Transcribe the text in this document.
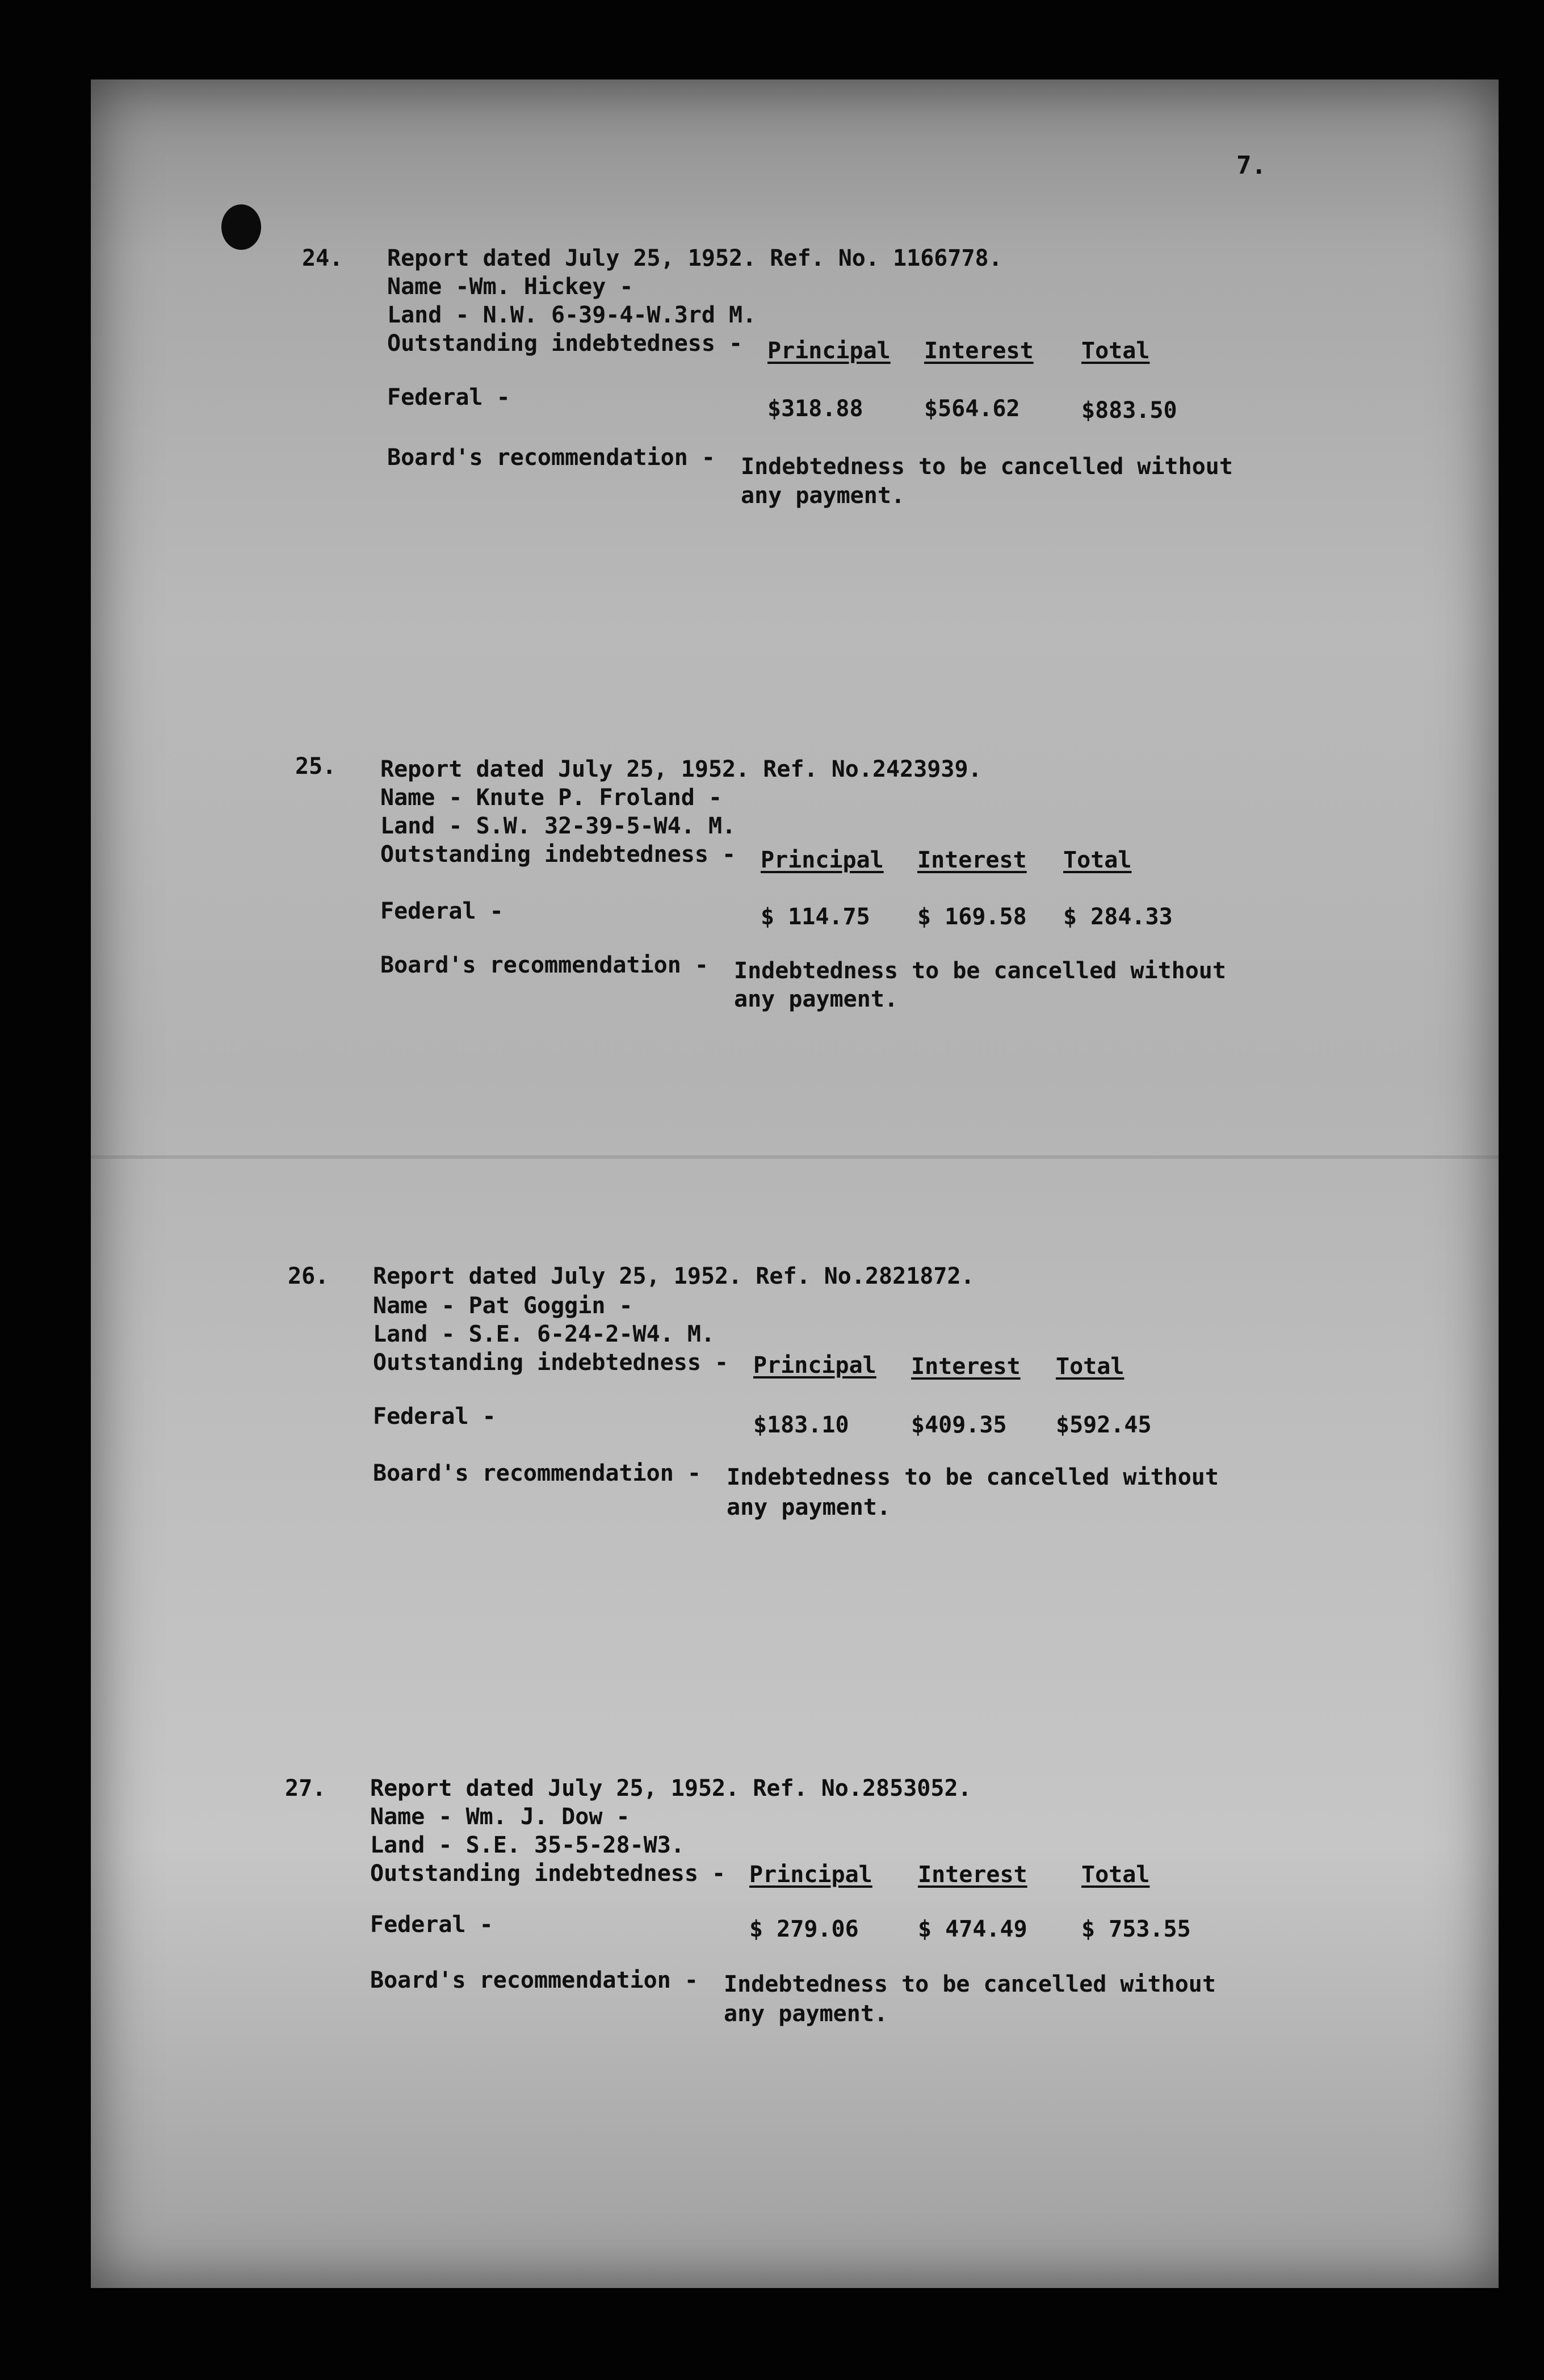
7.
24. Report dated July 25, 1952. Ref. No. 1166778.
Name -Wm. Hickey -
Land - N.W. 6-39-4-W.3rd M.
Outstanding indebtedness - Principal Interest Total
Federal -	$318.88	$564.62	$883.50
Board's recommendation - Indebtedness to be cancelled without
any payment.
25. Report dated July 25, 1952. Ref. No.2423939.
Name - Knute P. Froland -
Land - S.W. 32-39-5-W4. M.
Outstanding indebtedness - Principal Interest Total
Federal -	$ 114.75 $ 169.58 $ 284.33
Board's recommendation - Indebtedness to be cancelled without
any payment.
26. Report dated July 25, 1952. Ref. No.2821872.
Name - Pat Goggin -
Land - S.E. 6-24-2-W4. M.
Outstanding indebtedness - Principal Interest Total
Federal -	$183.10	$409.35 $592.45
Board's recommendation - Indebtedness to be cancelled without
any payment.
27. Report dated July 25, 1952. Ref. No.2853052.
Name - Wm. J. Dow -
Land - S.E. 35-5-28-W3.
Outstanding indebtedness - Principal Interest Total
Federal -	$ 279.06	$ 474.49 $ 753.55
Board's recommendation - Indebtedness to be cancelled without
any payment.
